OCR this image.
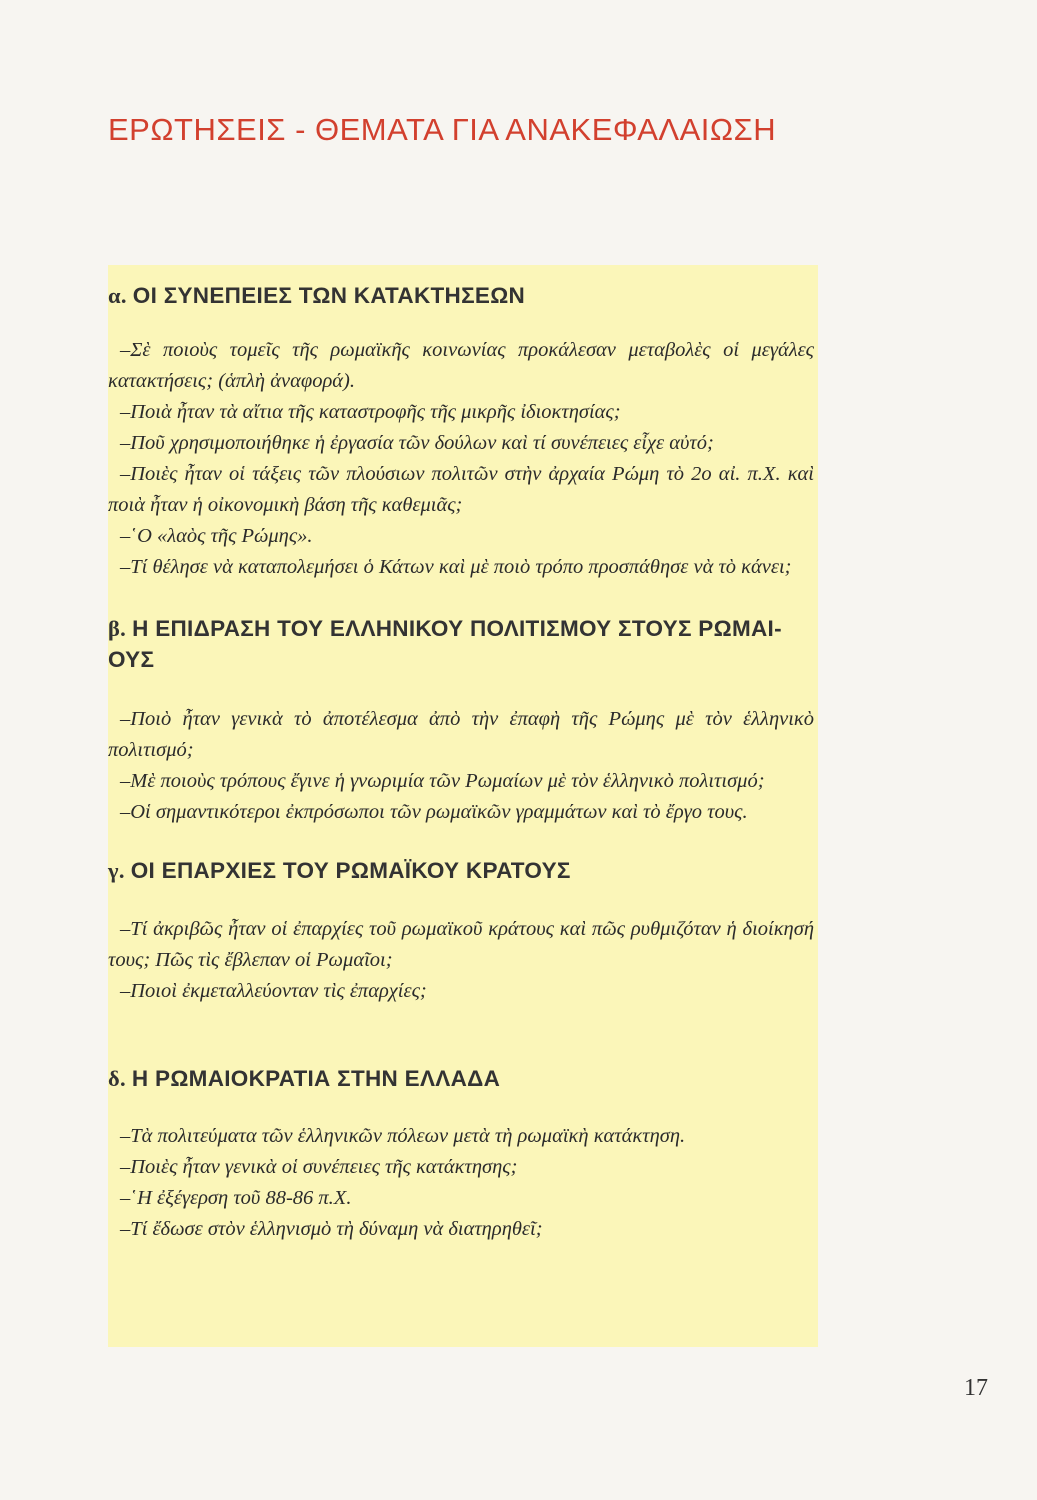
ΕΡΩΤΗΣΕΙΣ - ΘΕΜΑΤΑ ΓΙΑ ΑΝΑΚΕΦΑΛΑΙΩΣΗ
α. ΟΙ ΣΥΝΕΠΕΙΕΣ ΤΩΝ ΚΑΤΑΚΤΗΣΕΩΝ

–Σὲ ποιοὺς τομεῖς τῆς ρωμαϊκῆς κοινωνίας προκάλεσαν μεταβολὲς οἱ μεγάλες κατακτήσεις; (ἁπλὴ ἀναφορά).

–Ποιὰ ἦταν τὰ αἴτια τῆς καταστροφῆς τῆς μικρῆς ἰδιοκτησίας;

–Ποῦ χρησιμοποιήθηκε ἡ ἐργασία τῶν δούλων καὶ τί συνέπειες εἶχε αὐτό;

–Ποιὲς ἦταν οἱ τάξεις τῶν πλούσιων πολιτῶν στὴν ἀρχαία Ρώμη τὸ 2ο αἰ. π.Χ. καὶ ποιὰ ἦταν ἡ οἰκονομικὴ βάση τῆς καθεμιᾶς;

–῾Ο «λαὸς τῆς Ρώμης».

–Τί θέλησε νὰ καταπολεμήσει ὁ Κάτων καὶ μὲ ποιὸ τρόπο προσπάθησε νὰ τὸ κάνει;

β. Η ΕΠΙΔΡΑΣΗ ΤΟΥ ΕΛΛΗΝΙΚΟΥ ΠΟΛΙΤΙΣΜΟΥ ΣΤΟΥΣ ΡΩΜΑΙ-ΟΥΣ

–Ποιὸ ἦταν γενικὰ τὸ ἀποτέλεσμα ἀπὸ τὴν ἐπαφὴ τῆς Ρώμης μὲ τὸν ἑλληνικὸ πολιτισμό;

–Μὲ ποιοὺς τρόπους ἔγινε ἡ γνωριμία τῶν Ρωμαίων μὲ τὸν ἑλληνικὸ πολιτισμό;

–Οἱ σημαντικότεροι ἐκπρόσωποι τῶν ρωμαϊκῶν γραμμάτων καὶ τὸ ἔργο τους.

γ. ΟΙ ΕΠΑΡΧΙΕΣ ΤΟΥ ΡΩΜΑΪΚΟΥ ΚΡΑΤΟΥΣ

–Τί ἀκριβῶς ἦταν οἱ ἐπαρχίες τοῦ ρωμαϊκοῦ κράτους καὶ πῶς ρυθμιζόταν ἡ διοίκησή τους; Πῶς τὶς ἔβλεπαν οἱ Ρωμαῖοι;

–Ποιοὶ ἐκμεταλλεύονταν τὶς ἐπαρχίες;

δ. Η ΡΩΜΑΙΟΚΡΑΤΙΑ ΣΤΗΝ ΕΛΛΑΔΑ

–Τὰ πολιτεύματα τῶν ἑλληνικῶν πόλεων μετὰ τὴ ρωμαϊκὴ κατάκτηση.

–Ποιὲς ἦταν γενικὰ οἱ συνέπειες τῆς κατάκτησης;

–῾Η ἐξέγερση τοῦ 88-86 π.Χ.

–Τί ἔδωσε στὸν ἑλληνισμὸ τὴ δύναμη νὰ διατηρηθεῖ;

17
